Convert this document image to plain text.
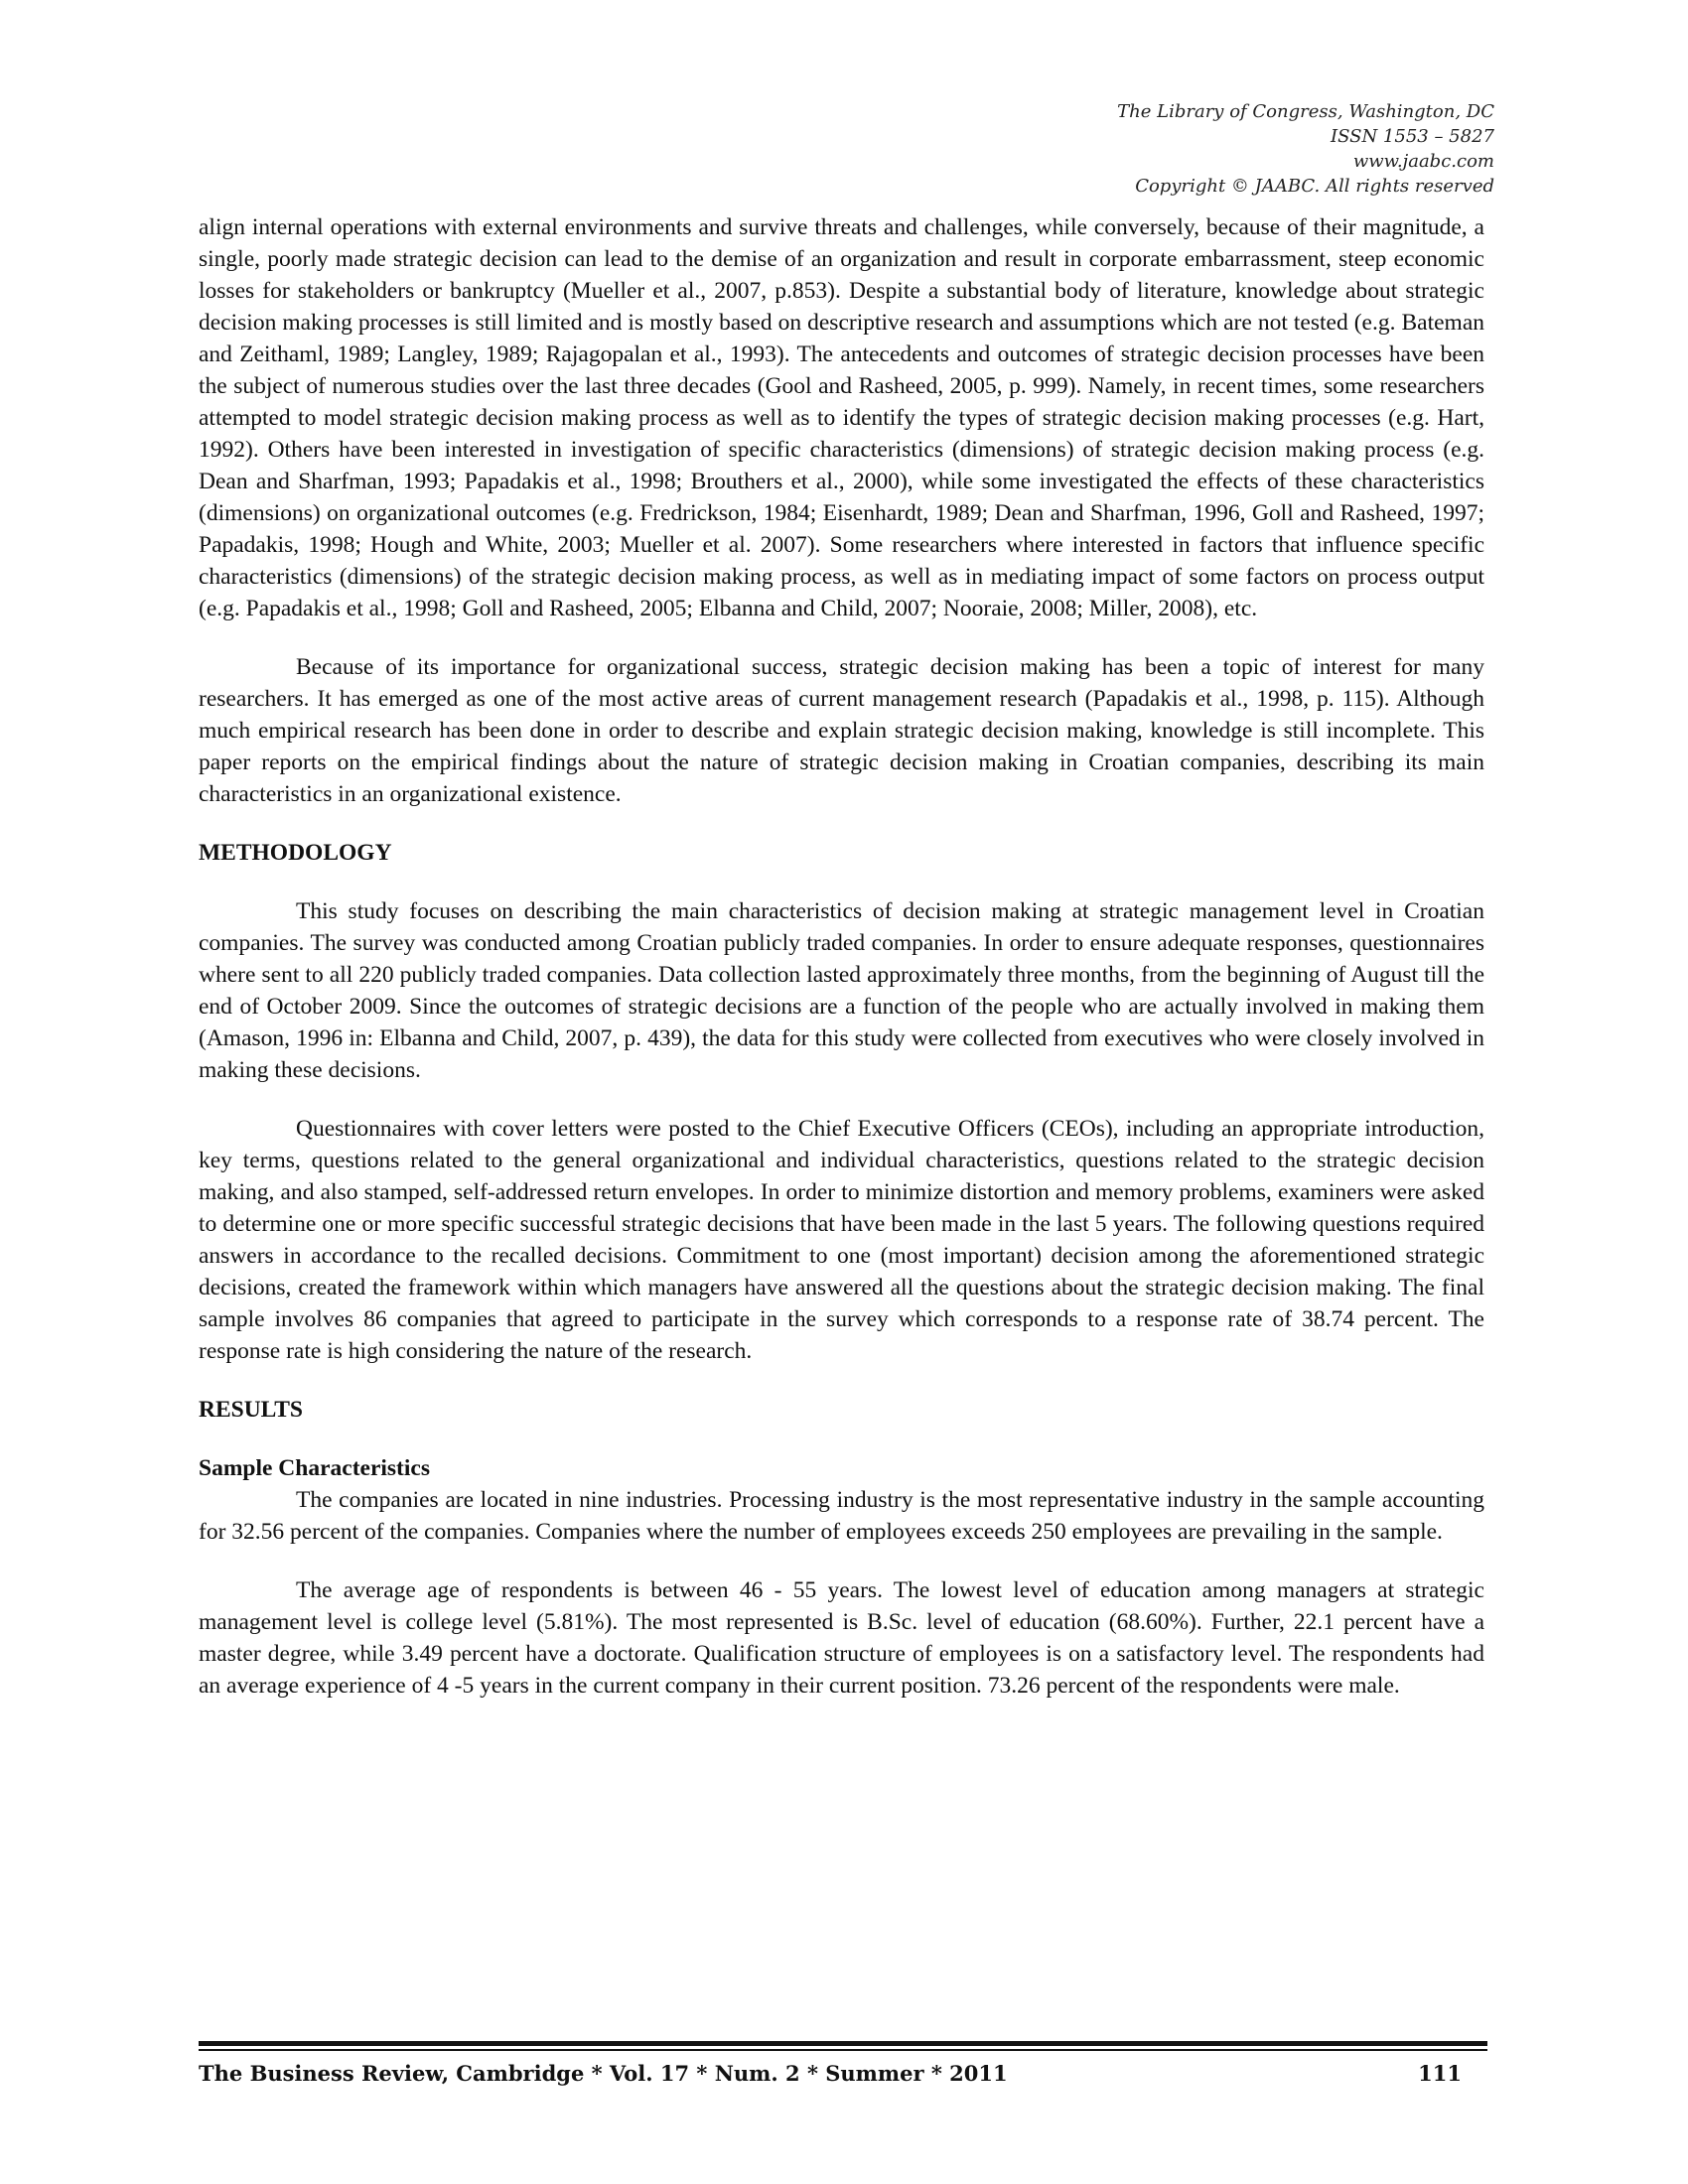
The Library of Congress, Washington, DC
ISSN 1553 – 5827
www.jaabc.com
Copyright © JAABC. All rights reserved

align internal operations with external environments and survive threats and challenges, while conversely, because of their magnitude, a single, poorly made strategic decision can lead to the demise of an organization and result in corporate embarrassment, steep economic losses for stakeholders or bankruptcy (Mueller et al., 2007, p.853). Despite a substantial body of literature, knowledge about strategic decision making processes is still limited and is mostly based on descriptive research and assumptions which are not tested (e.g. Bateman and Zeithaml, 1989; Langley, 1989; Rajagopalan et al., 1993). The antecedents and outcomes of strategic decision processes have been the subject of numerous studies over the last three decades (Gool and Rasheed, 2005, p. 999). Namely, in recent times, some researchers attempted to model strategic decision making process as well as to identify the types of strategic decision making processes (e.g. Hart, 1992). Others have been interested in investigation of specific characteristics (dimensions) of strategic decision making process (e.g. Dean and Sharfman, 1993; Papadakis et al., 1998; Brouthers et al., 2000), while some investigated the effects of these characteristics (dimensions) on organizational outcomes (e.g. Fredrickson, 1984; Eisenhardt, 1989; Dean and Sharfman, 1996, Goll and Rasheed, 1997; Papadakis, 1998; Hough and White, 2003; Mueller et al. 2007). Some researchers where interested in factors that influence specific characteristics (dimensions) of the strategic decision making process, as well as in mediating impact of some factors on process output (e.g. Papadakis et al., 1998; Goll and Rasheed, 2005; Elbanna and Child, 2007; Nooraie, 2008; Miller, 2008), etc.

Because of its importance for organizational success, strategic decision making has been a topic of interest for many researchers. It has emerged as one of the most active areas of current management research (Papadakis et al., 1998, p. 115). Although much empirical research has been done in order to describe and explain strategic decision making, knowledge is still incomplete. This paper reports on the empirical findings about the nature of strategic decision making in Croatian companies, describing its main characteristics in an organizational existence.

METHODOLOGY

This study focuses on describing the main characteristics of decision making at strategic management level in Croatian companies. The survey was conducted among Croatian publicly traded companies. In order to ensure adequate responses, questionnaires where sent to all 220 publicly traded companies. Data collection lasted approximately three months, from the beginning of August till the end of October 2009. Since the outcomes of strategic decisions are a function of the people who are actually involved in making them (Amason, 1996 in: Elbanna and Child, 2007, p. 439), the data for this study were collected from executives who were closely involved in making these decisions.

Questionnaires with cover letters were posted to the Chief Executive Officers (CEOs), including an appropriate introduction, key terms, questions related to the general organizational and individual characteristics, questions related to the strategic decision making, and also stamped, self-addressed return envelopes. In order to minimize distortion and memory problems, examiners were asked to determine one or more specific successful strategic decisions that have been made in the last 5 years. The following questions required answers in accordance to the recalled decisions. Commitment to one (most important) decision among the aforementioned strategic decisions, created the framework within which managers have answered all the questions about the strategic decision making. The final sample involves 86 companies that agreed to participate in the survey which corresponds to a response rate of 38.74 percent. The response rate is high considering the nature of the research.

RESULTS

Sample Characteristics

The companies are located in nine industries. Processing industry is the most representative industry in the sample accounting for 32.56 percent of the companies. Companies where the number of employees exceeds 250 employees are prevailing in the sample.

The average age of respondents is between 46 - 55 years. The lowest level of education among managers at strategic management level is college level (5.81%). The most represented is B.Sc. level of education (68.60%). Further, 22.1 percent have a master degree, while 3.49 percent have a doctorate. Qualification structure of employees is on a satisfactory level. The respondents had an average experience of 4 -5 years in the current company in their current position. 73.26 percent of the respondents were male.

The Business Review, Cambridge * Vol. 17 * Num. 2 * Summer * 2011	111
